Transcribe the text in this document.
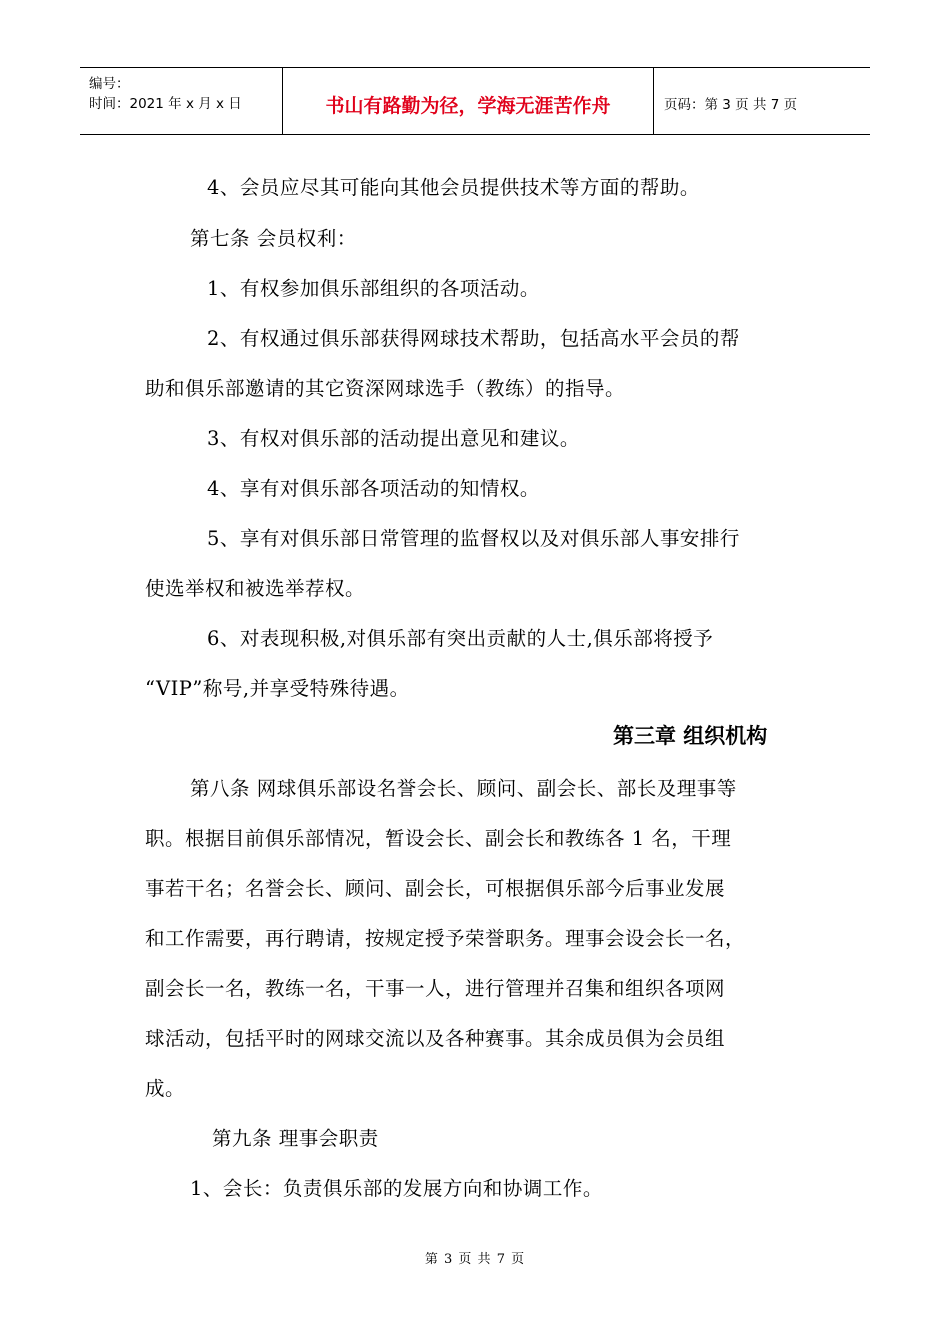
编号：
时间：2021 年 x 月 x 日	书山有路勤为径，学海无涯苦作舟	页码：第 3 页 共 7 页
4、会员应尽其可能向其他会员提供技术等方面的帮助。
第七条 会员权利：
1、有权参加俱乐部组织的各项活动。
2、有权通过俱乐部获得网球技术帮助，包括高水平会员的帮
助和俱乐部邀请的其它资深网球选手（教练）的指导。
3、有权对俱乐部的活动提出意见和建议。
4、享有对俱乐部各项活动的知情权。
5、享有对俱乐部日常管理的监督权以及对俱乐部人事安排行
使选举权和被选举荐权。
6、对表现积极,对俱乐部有突出贡献的人士,俱乐部将授予
“VIP”称号,并享受特殊待遇。
第三章 组织机构
第八条 网球俱乐部设名誉会长、顾问、副会长、部长及理事等
职。根据目前俱乐部情况，暂设会长、副会长和教练各 1 名，干理
事若干名；名誉会长、顾问、副会长，可根据俱乐部今后事业发展
和工作需要，再行聘请，按规定授予荣誉职务。理事会设会长一名，
副会长一名，教练一名，干事一人，进行管理并召集和组织各项网
球活动，包括平时的网球交流以及各种赛事。其余成员俱为会员组
成。
第九条 理事会职责
1、会长：负责俱乐部的发展方向和协调工作。
第 3 页 共 7 页
